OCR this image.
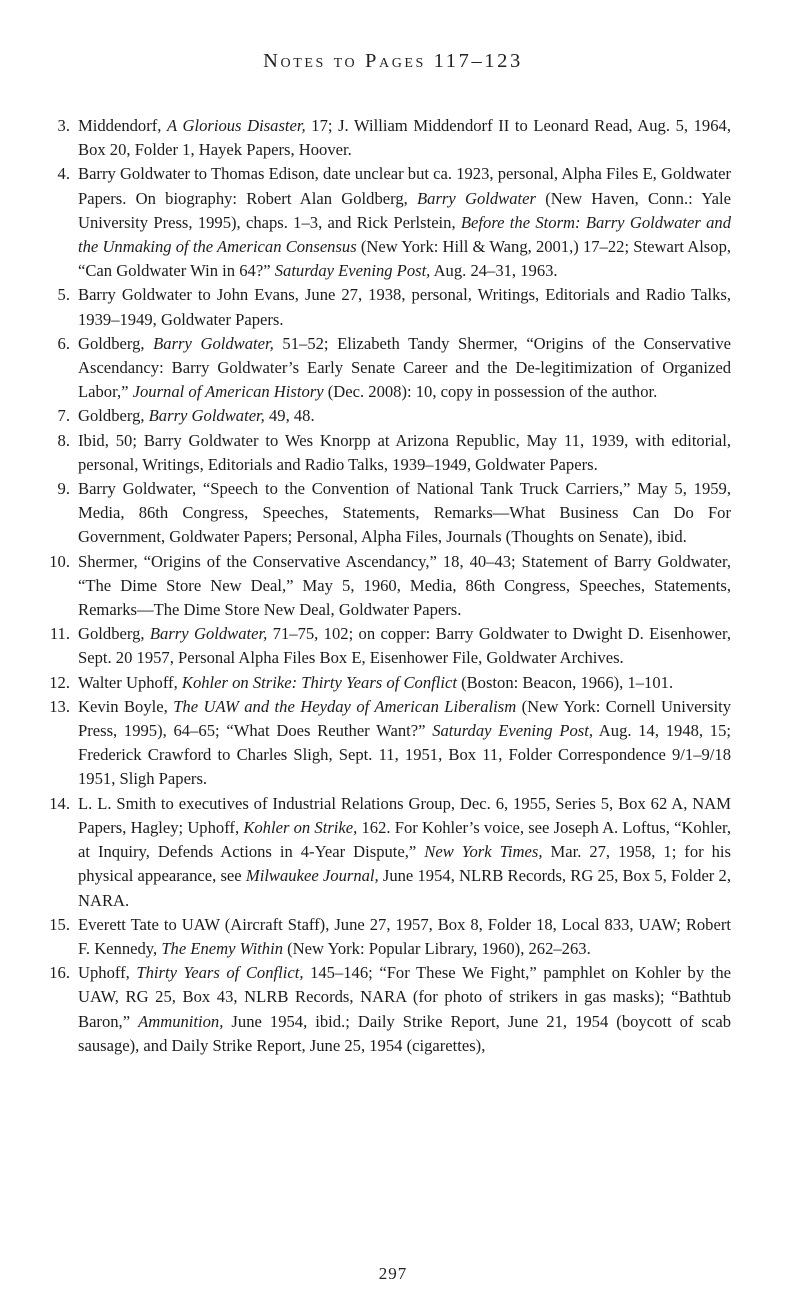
Notes to Pages 117–123
3. Middendorf, A Glorious Disaster, 17; J. William Middendorf II to Leonard Read, Aug. 5, 1964, Box 20, Folder 1, Hayek Papers, Hoover.
4. Barry Goldwater to Thomas Edison, date unclear but ca. 1923, personal, Alpha Files E, Goldwater Papers. On biography: Robert Alan Goldberg, Barry Goldwater (New Haven, Conn.: Yale University Press, 1995), chaps. 1–3, and Rick Perlstein, Before the Storm: Barry Goldwater and the Unmaking of the American Consensus (New York: Hill & Wang, 2001,) 17–22; Stewart Alsop, “Can Goldwater Win in 64?” Saturday Evening Post, Aug. 24–31, 1963.
5. Barry Goldwater to John Evans, June 27, 1938, personal, Writings, Editorials and Radio Talks, 1939–1949, Goldwater Papers.
6. Goldberg, Barry Goldwater, 51–52; Elizabeth Tandy Shermer, “Origins of the Conservative Ascendancy: Barry Goldwater’s Early Senate Career and the De-legitimization of Organized Labor,” Journal of American History (Dec. 2008): 10, copy in possession of the author.
7. Goldberg, Barry Goldwater, 49, 48.
8. Ibid, 50; Barry Goldwater to Wes Knorpp at Arizona Republic, May 11, 1939, with editorial, personal, Writings, Editorials and Radio Talks, 1939–1949, Goldwater Papers.
9. Barry Goldwater, “Speech to the Convention of National Tank Truck Carriers,” May 5, 1959, Media, 86th Congress, Speeches, Statements, Remarks—What Business Can Do For Government, Goldwater Papers; Personal, Alpha Files, Journals (Thoughts on Senate), ibid.
10. Shermer, “Origins of the Conservative Ascendancy,” 18, 40–43; Statement of Barry Goldwater, “The Dime Store New Deal,” May 5, 1960, Media, 86th Congress, Speeches, Statements, Remarks—The Dime Store New Deal, Goldwater Papers.
11. Goldberg, Barry Goldwater, 71–75, 102; on copper: Barry Goldwater to Dwight D. Eisenhower, Sept. 20 1957, Personal Alpha Files Box E, Eisenhower File, Goldwater Archives.
12. Walter Uphoff, Kohler on Strike: Thirty Years of Conflict (Boston: Beacon, 1966), 1–101.
13. Kevin Boyle, The UAW and the Heyday of American Liberalism (New York: Cornell University Press, 1995), 64–65; “What Does Reuther Want?” Saturday Evening Post, Aug. 14, 1948, 15; Frederick Crawford to Charles Sligh, Sept. 11, 1951, Box 11, Folder Correspondence 9/1–9/18 1951, Sligh Papers.
14. L. L. Smith to executives of Industrial Relations Group, Dec. 6, 1955, Series 5, Box 62 A, NAM Papers, Hagley; Uphoff, Kohler on Strike, 162. For Kohler’s voice, see Joseph A. Loftus, “Kohler, at Inquiry, Defends Actions in 4-Year Dispute,” New York Times, Mar. 27, 1958, 1; for his physical appearance, see Milwaukee Journal, June 1954, NLRB Records, RG 25, Box 5, Folder 2, NARA.
15. Everett Tate to UAW (Aircraft Staff), June 27, 1957, Box 8, Folder 18, Local 833, UAW; Robert F. Kennedy, The Enemy Within (New York: Popular Library, 1960), 262–263.
16. Uphoff, Thirty Years of Conflict, 145–146; “For These We Fight,” pamphlet on Kohler by the UAW, RG 25, Box 43, NLRB Records, NARA (for photo of strikers in gas masks); “Bathtub Baron,” Ammunition, June 1954, ibid.; Daily Strike Report, June 21, 1954 (boycott of scab sausage), and Daily Strike Report, June 25, 1954 (cigarettes),
297
